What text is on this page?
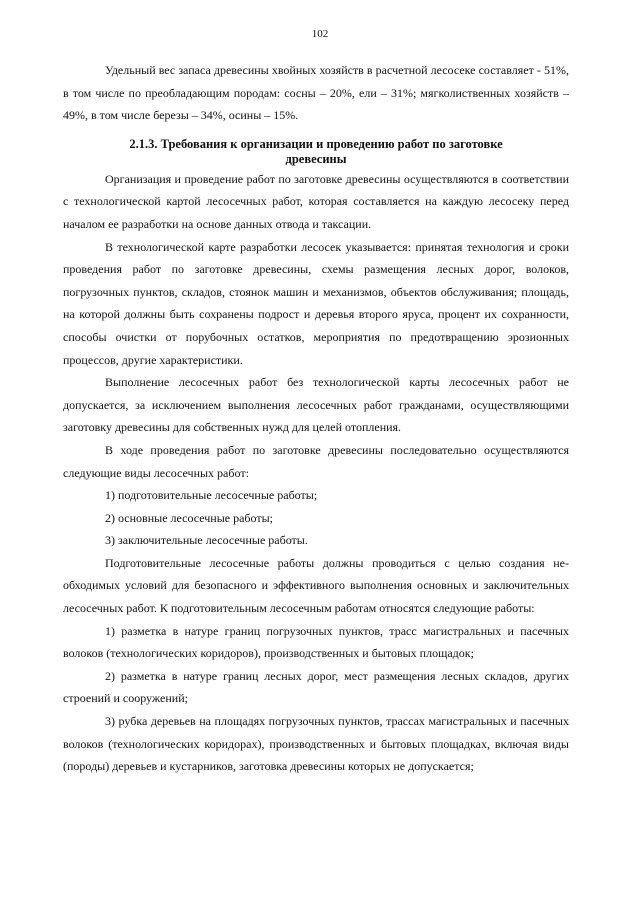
102

Удельный вес запаса древесины хвойных хозяйств в расчетной лесосеке составляет - 51%, в том числе по преобладающим породам: сосны – 20%, ели – 31%; мягколиственных хозяйств – 49%, в том числе березы – 34%, осины – 15%.

2.1.3. Требования к организации и проведению работ по заготовке древесины

Организация и проведение работ по заготовке древесины осуществляются в соответствии с технологической картой лесосечных работ, которая составляется на каждую лесосеку перед началом ее разработки на основе данных отвода и таксации.

В технологической карте разработки лесосек указывается: принятая технология и сроки проведения работ по заготовке древесины, схемы размещения лесных дорог, волоков, погрузочных пунктов, складов, стоянок машин и механизмов, объектов обслуживания; площадь, на которой должны быть сохранены подрост и деревья второго яруса, процент их сохранности, способы очистки от порубочных остатков, мероприятия по предотвращению эрозионных процессов, другие характеристики.

Выполнение лесосечных работ без технологической карты лесосечных работ не допускается, за исключением выполнения лесосечных работ гражданами, осуществляющими заготовку древесины для собственных нужд для целей отопления.

В ходе проведения работ по заготовке древесины последовательно осуществляются следующие виды лесосечных работ:

1) подготовительные лесосечные работы;

2) основные лесосечные работы;

3) заключительные лесосечные работы.

Подготовительные лесосечные работы должны проводиться с целью создания необходимых условий для безопасного и эффективного выполнения основных и заключительных лесосечных работ. К подготовительным лесосечным работам относятся следующие работы:

1) разметка в натуре границ погрузочных пунктов, трасс магистральных и пасечных волоков (технологических коридоров), производственных и бытовых площадок;

2) разметка в натуре границ лесных дорог, мест размещения лесных складов, других строений и сооружений;

3) рубка деревьев на площадях погрузочных пунктов, трассах магистральных и пасечных волоков (технологических коридорах), производственных и бытовых площадках, включая виды (породы) деревьев и кустарников, заготовка древесины которых не допускается;
